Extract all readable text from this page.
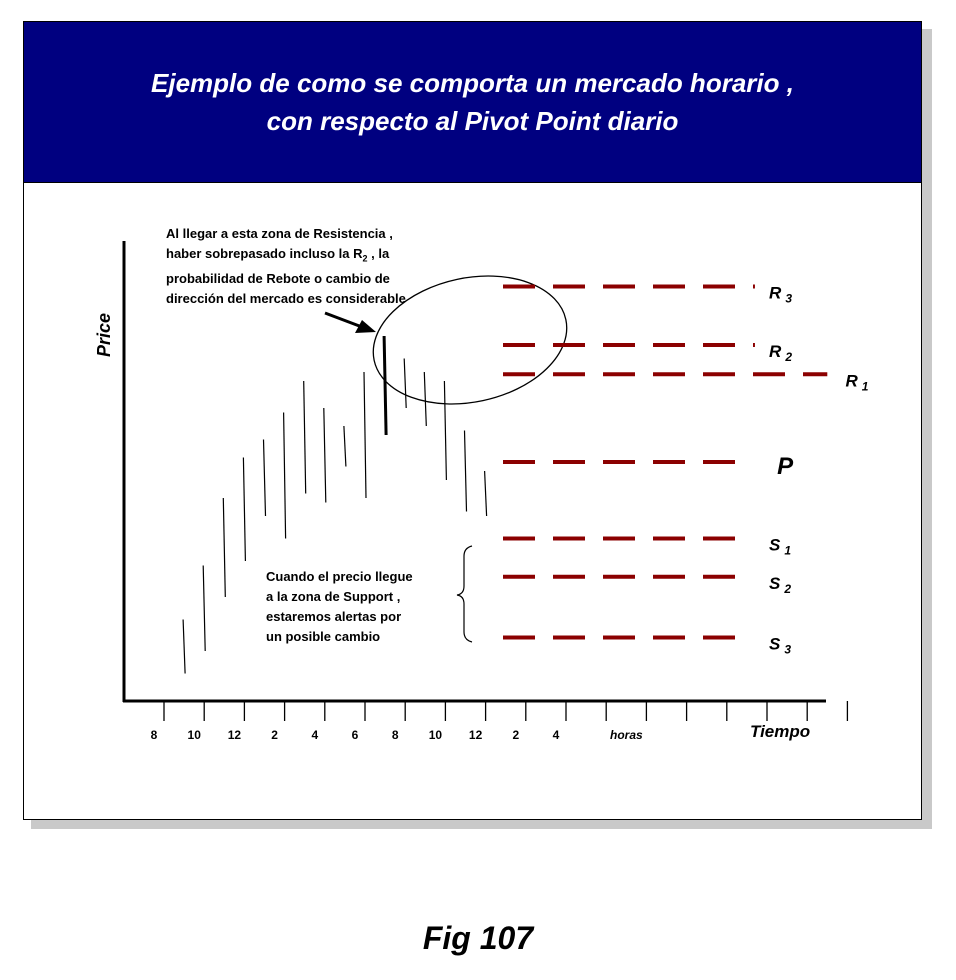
Ejemplo de como se comporta un mercado horario ,
con respecto al Pivot Point diario
8	10 12	2	4	6	8	10 12	2	4	horas
Price
Tiempo
R $_3$
R $_2$
R $_1$
P
S $_1$
S $_2$
S $_3$
Al llegar a esta zona de Resistencia ,
haber sobrepasado incluso la $R_2$ , la
probabilidad de Rebote o cambio de
dirección del mercado es considerable
Cuando el precio llegue
a la zona de Support ,
estaremos alertas por
un posible cambio
Fig 107
